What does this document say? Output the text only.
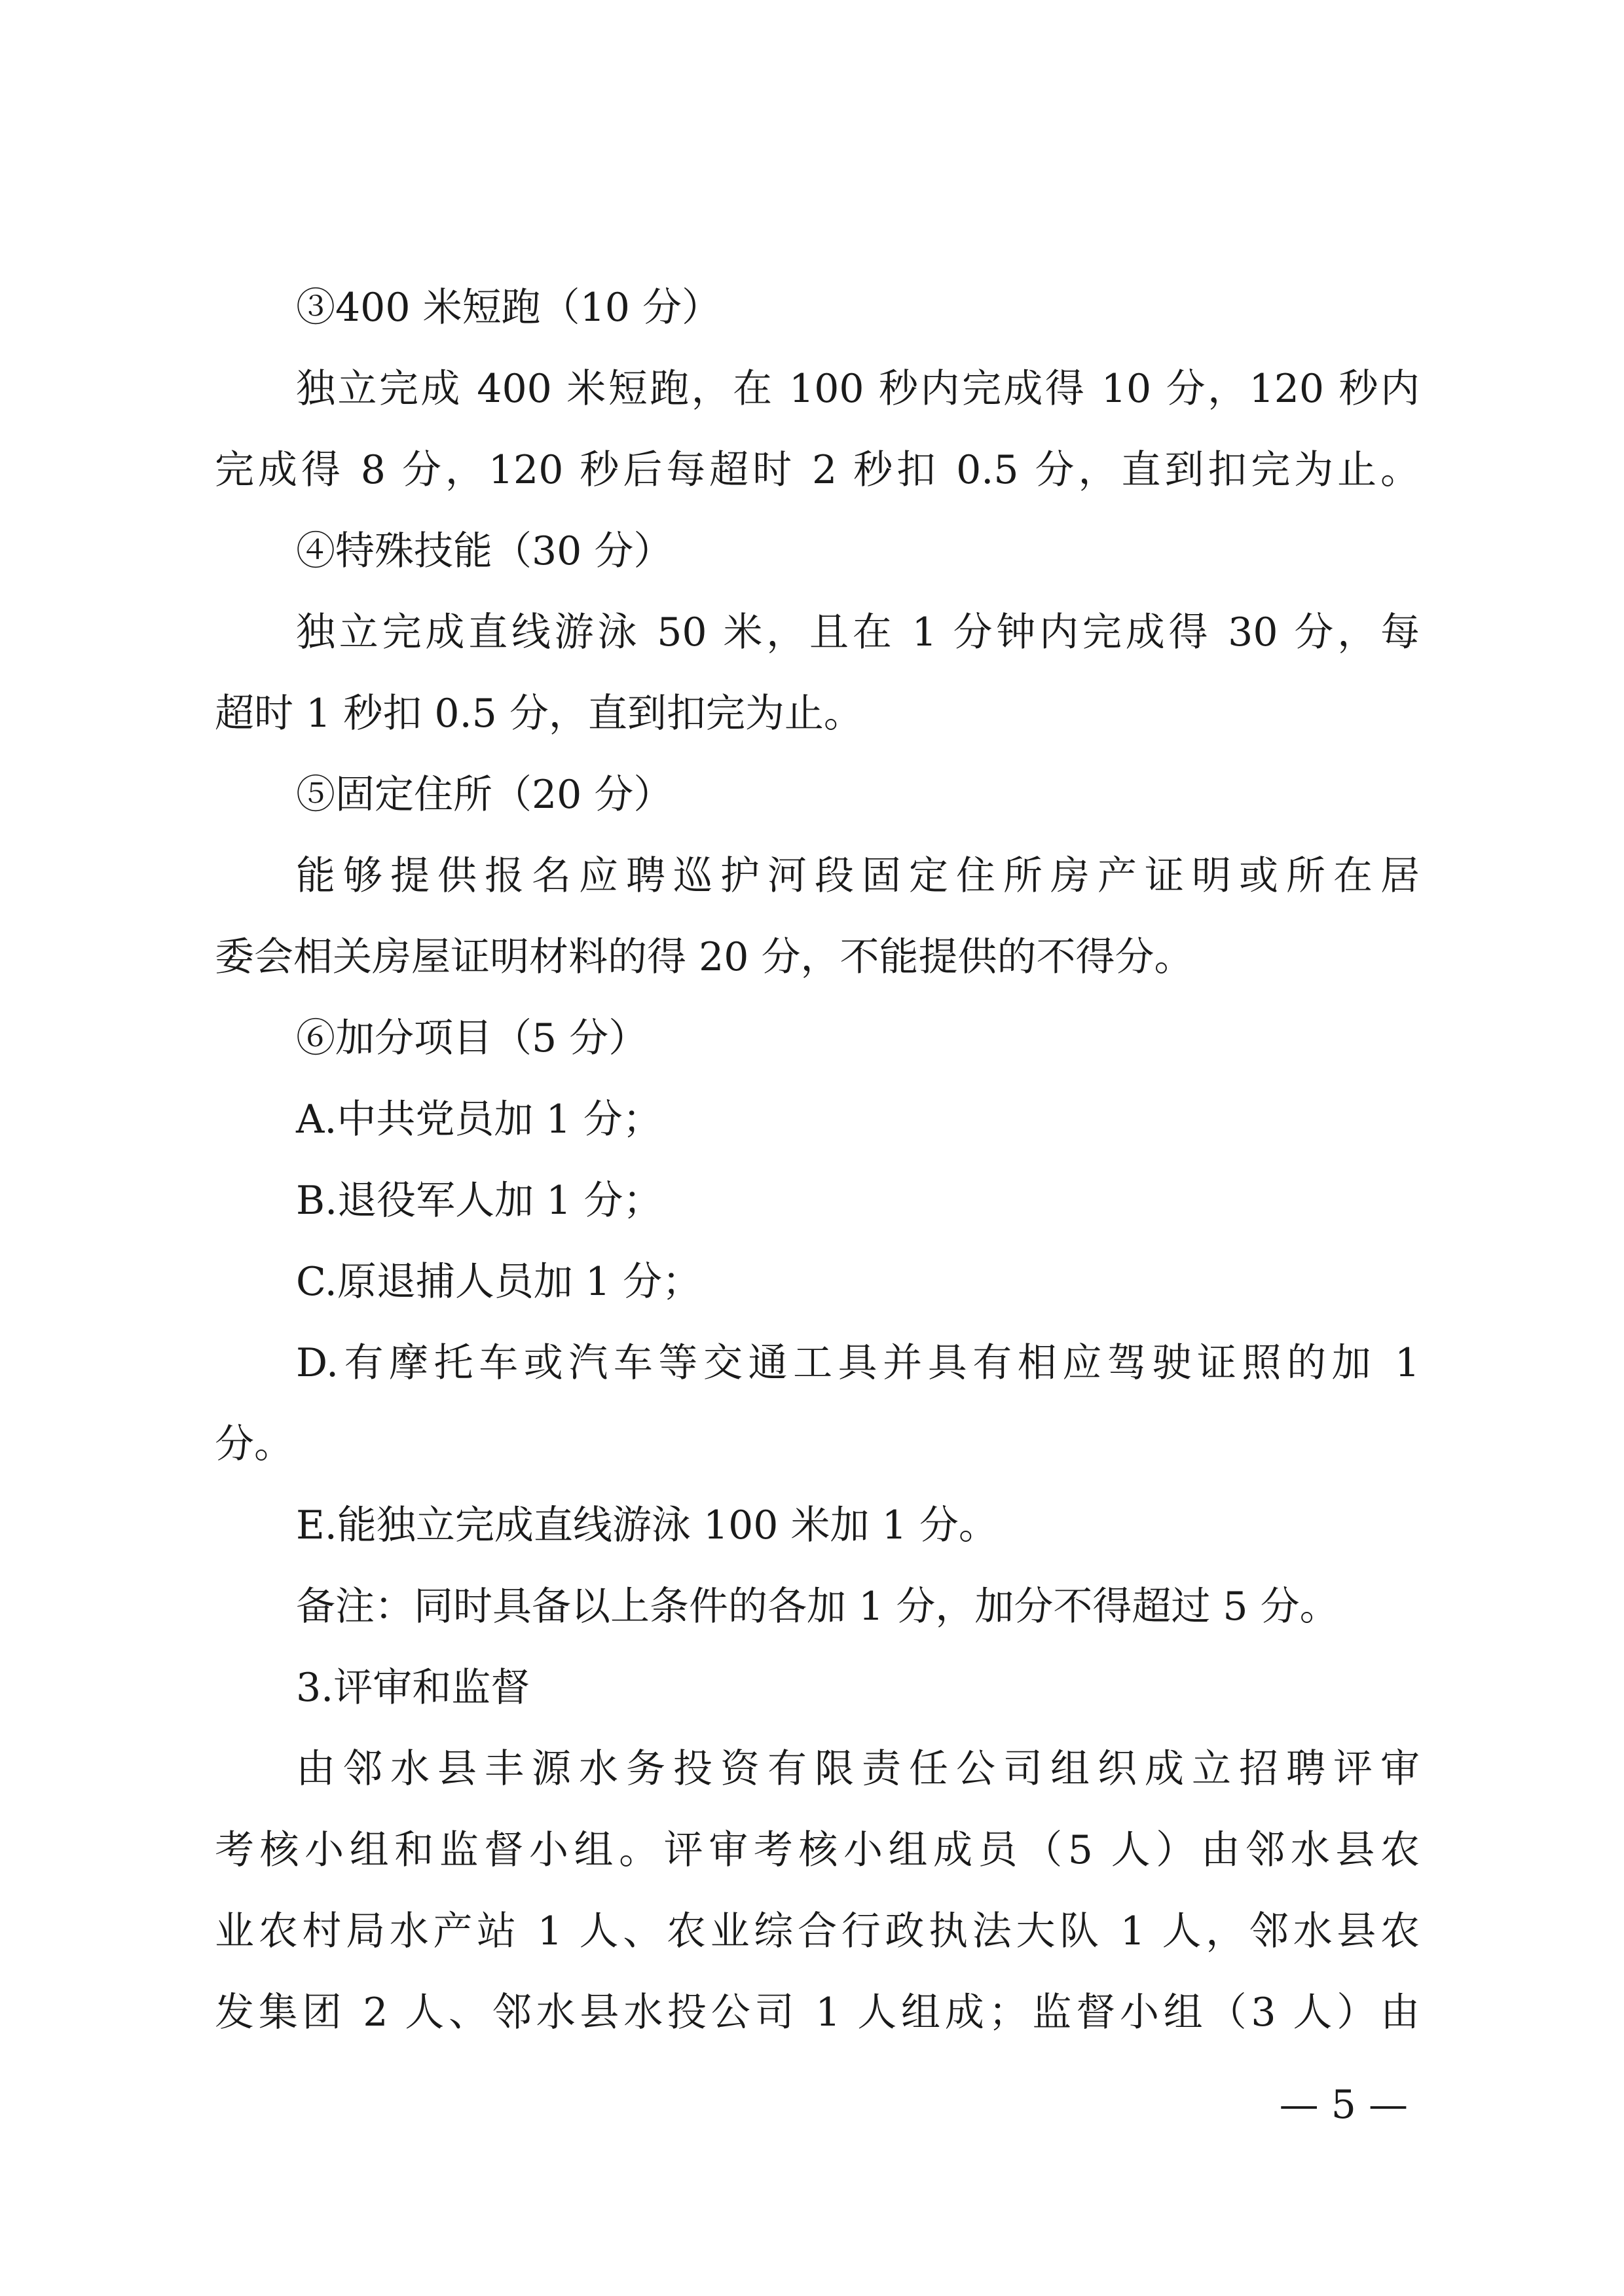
③400 米短跑（10 分）
独立完成 400 米短跑，在 100 秒内完成得 10 分，120 秒内
完成得 8 分，120 秒后每超时 2 秒扣 0.5 分，直到扣完为止。
④特殊技能（30 分）
独立完成直线游泳 50 米，且在 1 分钟内完成得 30 分，每
超时 1 秒扣 0.5 分，直到扣完为止。
⑤固定住所（20 分）
能够提供报名应聘巡护河段固定住所房产证明或所在居
委会相关房屋证明材料的得 20 分，不能提供的不得分。
⑥加分项目（5 分）
A.中共党员加 1 分；
B.退役军人加 1 分；
C.原退捕人员加 1 分；
D.有摩托车或汽车等交通工具并具有相应驾驶证照的加 1
分。
E.能独立完成直线游泳 100 米加 1 分。
备注：同时具备以上条件的各加 1 分，加分不得超过 5 分。
3.评审和监督
由邻水县丰源水务投资有限责任公司组织成立招聘评审
考核小组和监督小组。评审考核小组成员（5 人）由邻水县农
业农村局水产站 1 人、农业综合行政执法大队 1 人，邻水县农
发集团 2 人、邻水县水投公司 1 人组成；监督小组（3 人）由
— 5 —
